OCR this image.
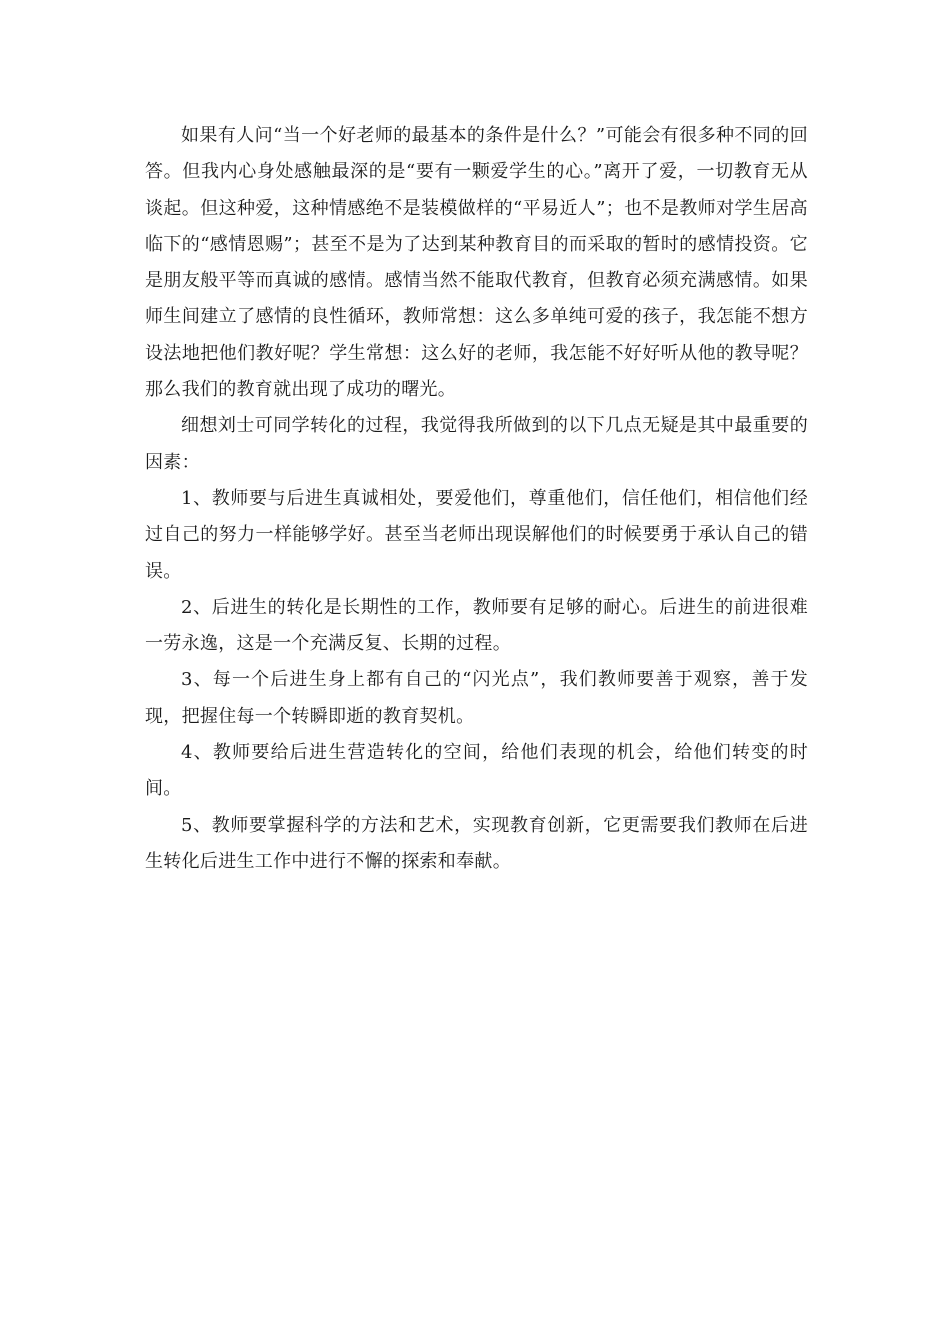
如果有人问“当一个好老师的最基本的条件是什么？”可能会有很多种不同的回答。但我内心身处感触最深的是“要有一颗爱学生的心。”离开了爱，一切教育无从谈起。但这种爱，这种情感绝不是装模做样的“平易近人”；也不是教师对学生居高临下的“感情恩赐”；甚至不是为了达到某种教育目的而采取的暂时的感情投资。它是朋友般平等而真诚的感情。感情当然不能取代教育，但教育必须充满感情。如果师生间建立了感情的良性循环，教师常想：这么多单纯可爱的孩子，我怎能不想方设法地把他们教好呢？学生常想：这么好的老师，我怎能不好好听从他的教导呢？那么我们的教育就出现了成功的曙光。

细想刘士可同学转化的过程，我觉得我所做到的以下几点无疑是其中最重要的因素：

1、教师要与后进生真诚相处，要爱他们，尊重他们，信任他们，相信他们经过自己的努力一样能够学好。甚至当老师出现误解他们的时候要勇于承认自己的错误。

2、后进生的转化是长期性的工作，教师要有足够的耐心。后进生的前进很难一劳永逸，这是一个充满反复、长期的过程。

3、每一个后进生身上都有自己的“闪光点”，我们教师要善于观察，善于发现，把握住每一个转瞬即逝的教育契机。

4、教师要给后进生营造转化的空间，给他们表现的机会，给他们转变的时间。

5、教师要掌握科学的方法和艺术，实现教育创新，它更需要我们教师在后进生转化后进生工作中进行不懈的探索和奉献。
